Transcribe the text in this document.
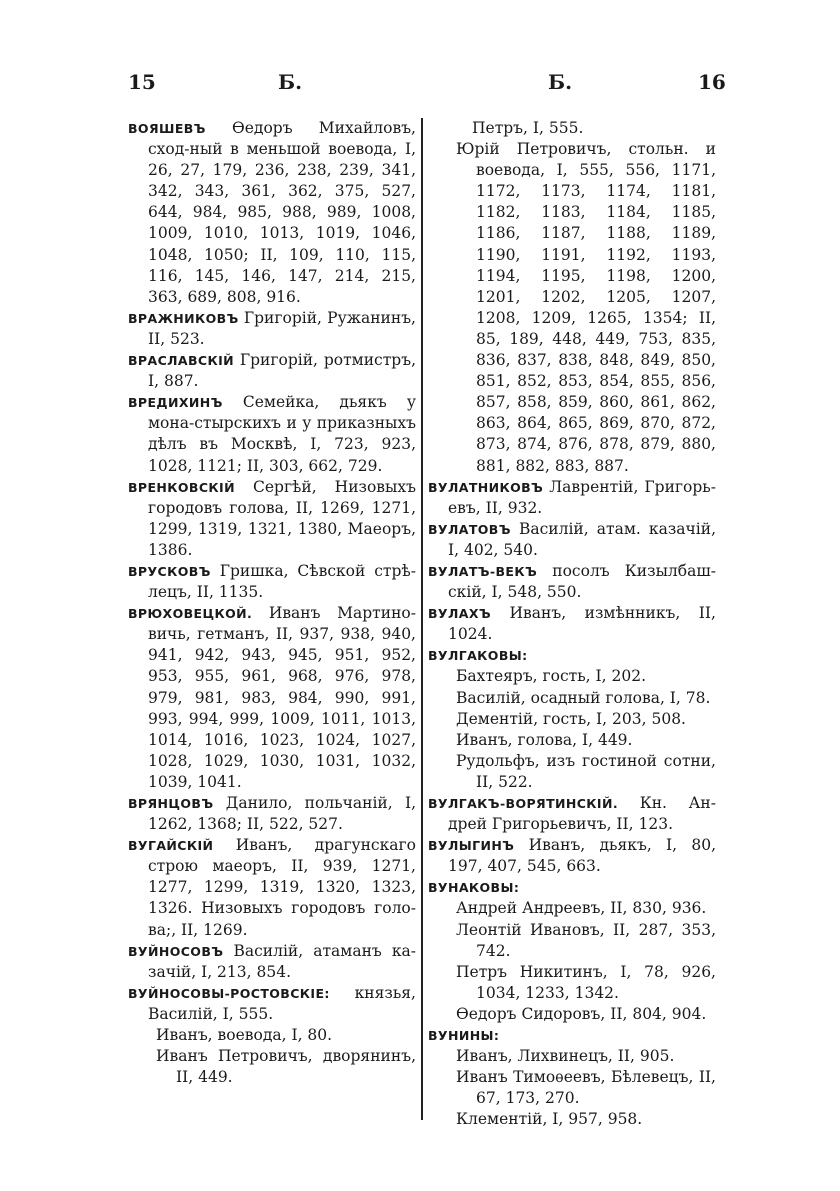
15	Б.	Б.	16
ВОЯШЕВЪ Өедоръ Михайловъ, сход-ный в меньшой воевода, I, 26, 27, 179, 236, 238, 239, 341, 342, 343, 361, 362, 375, 527, 644, 984, 985, 988, 989, 1008, 1009, 1010, 1013, 1019, 1046, 1048, 1050; II, 109, 110, 115, 116, 145, 146, 147, 214, 215, 363, 689, 808, 916.
ВРАЖНИКОВЪ Григорій, Ружанинъ, II, 523.
ВРАСЛАВСКІЙ Григорій, ротмистръ, I, 887.
ВРЕДИХИНЪ Семейка, дьякъ у мона-стырскихъ и у приказныхъ дѣлъ въ Москвѣ, I, 723, 923, 1028, 1121; II, 303, 662, 729.
ВРЕНКОВСКІЙ Сергѣй, Низовыхъ городовъ голова, II, 1269, 1271, 1299, 1319, 1321, 1380, Маеоръ, 1386.
ВРУСКОВЪ Гришка, Сѣвской стрѣ-лецъ, II, 1135.
ВРЮХОВЕЦКОЙ. Иванъ Мартино-вичь, гетманъ, II, 937, 938, 940, 941, 942, 943, 945, 951, 952, 953, 955, 961, 968, 976, 978, 979, 981, 983, 984, 990, 991, 993, 994, 999, 1009, 1011, 1013, 1014, 1016, 1023, 1024, 1027, 1028, 1029, 1030, 1031, 1032, 1039, 1041.
ВРЯНЦОВЪ Данило, польчаній, I, 1262, 1368; II, 522, 527.
ВУГАЙСКІЙ Иванъ, драгунскаго строю маеоръ, II, 939, 1271, 1277, 1299, 1319, 1320, 1323, 1326. Низовыхъ городовъ голо-ва;, II, 1269.
ВУЙНОСОВЪ Василій, атаманъ ка-зачій, I, 213, 854.
ВУЙНОСОВЫ-РОСТОВСКІЕ: князья, Василій, I, 555.
Иванъ, воевода, I, 80.
Иванъ Петровичъ, дворянинъ, II, 449.
Петръ, I, 555.
Юрій Петровичъ, стольн. и воевода, I, 555, 556, 1171, 1172, 1173, 1174, 1181, 1182, 1183, 1184, 1185, 1186, 1187, 1188, 1189, 1190, 1191, 1192, 1193, 1194, 1195, 1198, 1200, 1201, 1202, 1205, 1207, 1208, 1209, 1265, 1354; II, 85, 189, 448, 449, 753, 835, 836, 837, 838, 848, 849, 850, 851, 852, 853, 854, 855, 856, 857, 858, 859, 860, 861, 862, 863, 864, 865, 869, 870, 872, 873, 874, 876, 878, 879, 880, 881, 882, 883, 887.
ВУЛАТНИКОВЪ Лаврентій, Григорь-евъ, II, 932.
ВУЛАТОВЪ Василій, атам. казачій, I, 402, 540.
ВУЛАТЪ-ВЕКЪ посолъ Кизылбаш-скій, I, 548, 550.
ВУЛАХЪ Иванъ, измѣнникъ, II, 1024.
ВУЛГАКОВЫ:
Бахтеяръ, гость, I, 202.
Василій, осадный голова, I, 78.
Дементій, гость, I, 203, 508.
Иванъ, голова, I, 449.
Рудольфъ, изъ гостиной сотни, II, 522.
ВУЛГАКЪ-ВОРЯТИНСКІЙ. Кн. Ан-дрей Григорьевичъ, II, 123.
ВУЛЫГИНЪ Иванъ, дьякъ, I, 80, 197, 407, 545, 663.
ВУНАКОВЫ:
Андрей Андреевъ, II, 830, 936.
Леонтій Ивановъ, II, 287, 353, 742.
Петръ Никитинъ, I, 78, 926, 1034, 1233, 1342.
Өедоръ Сидоровъ, II, 804, 904.
ВУНИНЫ:
Иванъ, Лихвинецъ, II, 905.
Иванъ Тимоѳеевъ, Бѣлевецъ, II, 67, 173, 270.
Клементій, I, 957, 958.
